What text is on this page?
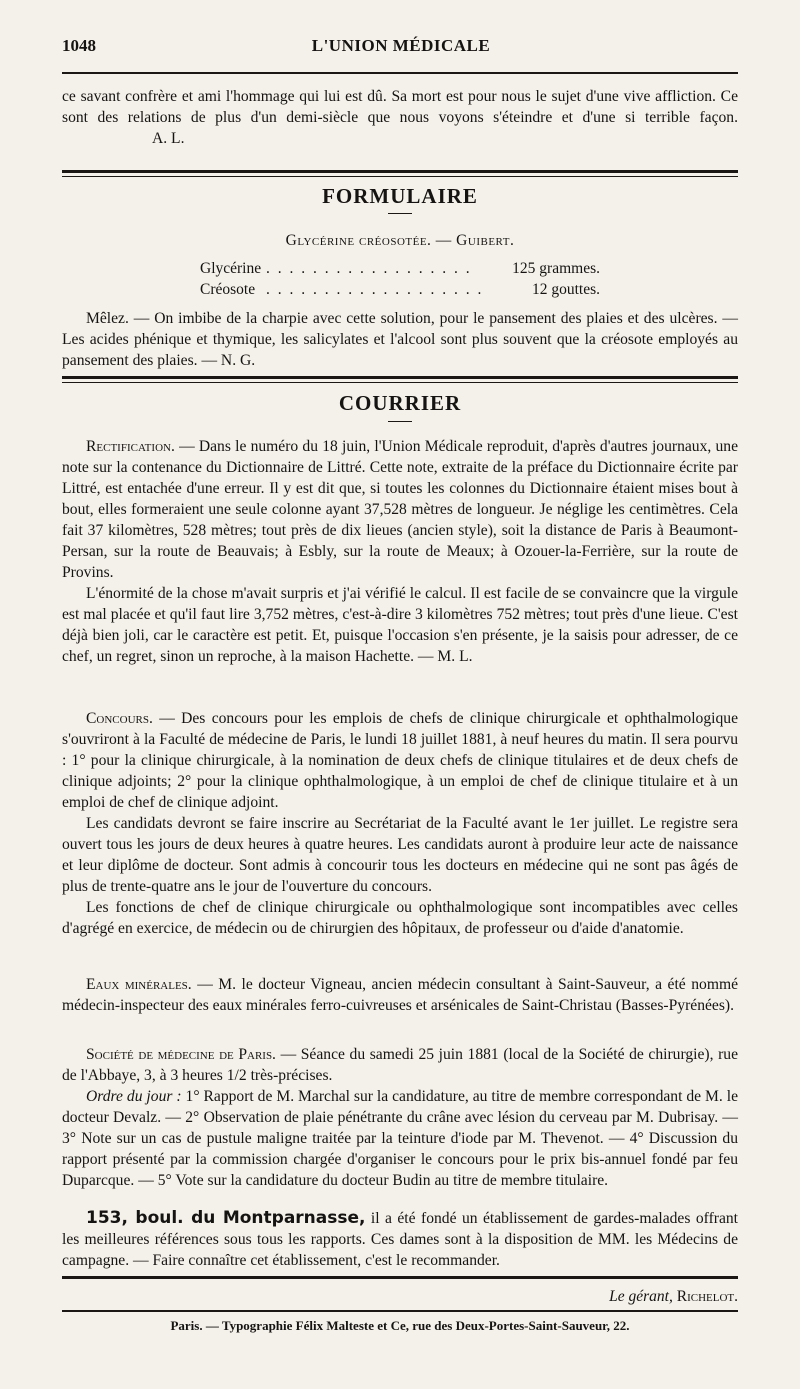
1048	L'UNION MÉDICALE

ce savant confrère et ami l'hommage qui lui est dû. Sa mort est pour nous le sujet d'une vive affliction. Ce sont des relations de plus d'un demi-siècle que nous voyons s'éteindre et d'une si terrible façon. A. L.

FORMULAIRE
Glycérine créosotée. — Guibert.
Glycérine . . . . . . . . . . . . . . . . . .	125 grammes.
Créosote . . . . . . . . . . . . . . . . . . .	12 gouttes.

Mêlez. — On imbibe de la charpie avec cette solution, pour le pansement des plaies et des ulcères. — Les acides phénique et thymique, les salicylates et l'alcool sont plus souvent que la créosote employés au pansement des plaies. — N. G.

COURRIER

Rectification. — Dans le numéro du 18 juin, l'Union Médicale reproduit, d'après d'autres journaux, une note sur la contenance du Dictionnaire de Littré. Cette note, extraite de la préface du Dictionnaire écrite par Littré, est entachée d'une erreur. Il y est dit que, si toutes les colonnes du Dictionnaire étaient mises bout à bout, elles formeraient une seule colonne ayant 37,528 mètres de longueur. Je néglige les centimètres. Cela fait 37 kilomètres, 528 mètres; tout près de dix lieues (ancien style), soit la distance de Paris à Beaumont-Persan, sur la route de Beauvais; à Esbly, sur la route de Meaux; à Ozouer-la-Ferrière, sur la route de Provins.

L'énormité de la chose m'avait surpris et j'ai vérifié le calcul. Il est facile de se convaincre que la virgule est mal placée et qu'il faut lire 3,752 mètres, c'est-à-dire 3 kilomètres 752 mètres; tout près d'une lieue. C'est déjà bien joli, car le caractère est petit. Et, puisque l'occasion s'en présente, je la saisis pour adresser, de ce chef, un regret, sinon un reproche, à la maison Hachette. — M. L.

Concours. — Des concours pour les emplois de chefs de clinique chirurgicale et ophthalmologique s'ouvriront à la Faculté de médecine de Paris, le lundi 18 juillet 1881, à neuf heures du matin. Il sera pourvu : 1° pour la clinique chirurgicale, à la nomination de deux chefs de clinique titulaires et de deux chefs de clinique adjoints; 2° pour la clinique ophthalmologique, à un emploi de chef de clinique titulaire et à un emploi de chef de clinique adjoint.

Les candidats devront se faire inscrire au Secrétariat de la Faculté avant le 1er juillet. Le registre sera ouvert tous les jours de deux heures à quatre heures. Les candidats auront à produire leur acte de naissance et leur diplôme de docteur. Sont admis à concourir tous les docteurs en médecine qui ne sont pas âgés de plus de trente-quatre ans le jour de l'ouverture du concours.

Les fonctions de chef de clinique chirurgicale ou ophthalmologique sont incompatibles avec celles d'agrégé en exercice, de médecin ou de chirurgien des hôpitaux, de professeur ou d'aide d'anatomie.

Eaux minérales. — M. le docteur Vigneau, ancien médecin consultant à Saint-Sauveur, a été nommé médecin-inspecteur des eaux minérales ferro-cuivreuses et arsénicales de Saint-Christau (Basses-Pyrénées).

Société de médecine de Paris. — Séance du samedi 25 juin 1881 (local de la Société de chirurgie), rue de l'Abbaye, 3, à 3 heures 1/2 très-précises.

Ordre du jour : 1° Rapport de M. Marchal sur la candidature, au titre de membre correspondant de M. le docteur Devalz. — 2° Observation de plaie pénétrante du crâne avec lésion du cerveau par M. Dubrisay. — 3° Note sur un cas de pustule maligne traitée par la teinture d'iode par M. Thevenot. — 4° Discussion du rapport présenté par la commission chargée d'organiser le concours pour le prix bis-annuel fondé par feu Duparcque. — 5° Vote sur la candidature du docteur Budin au titre de membre titulaire.

153, boul. du Montparnasse, il a été fondé un établissement de gardes-malades offrant les meilleures références sous tous les rapports. Ces dames sont à la disposition de MM. les Médecins de campagne. — Faire connaître cet établissement, c'est le recommander.

Le gérant, Richelot.
Paris. — Typographie Félix Malteste et Ce, rue des Deux-Portes-Saint-Sauveur, 22.
